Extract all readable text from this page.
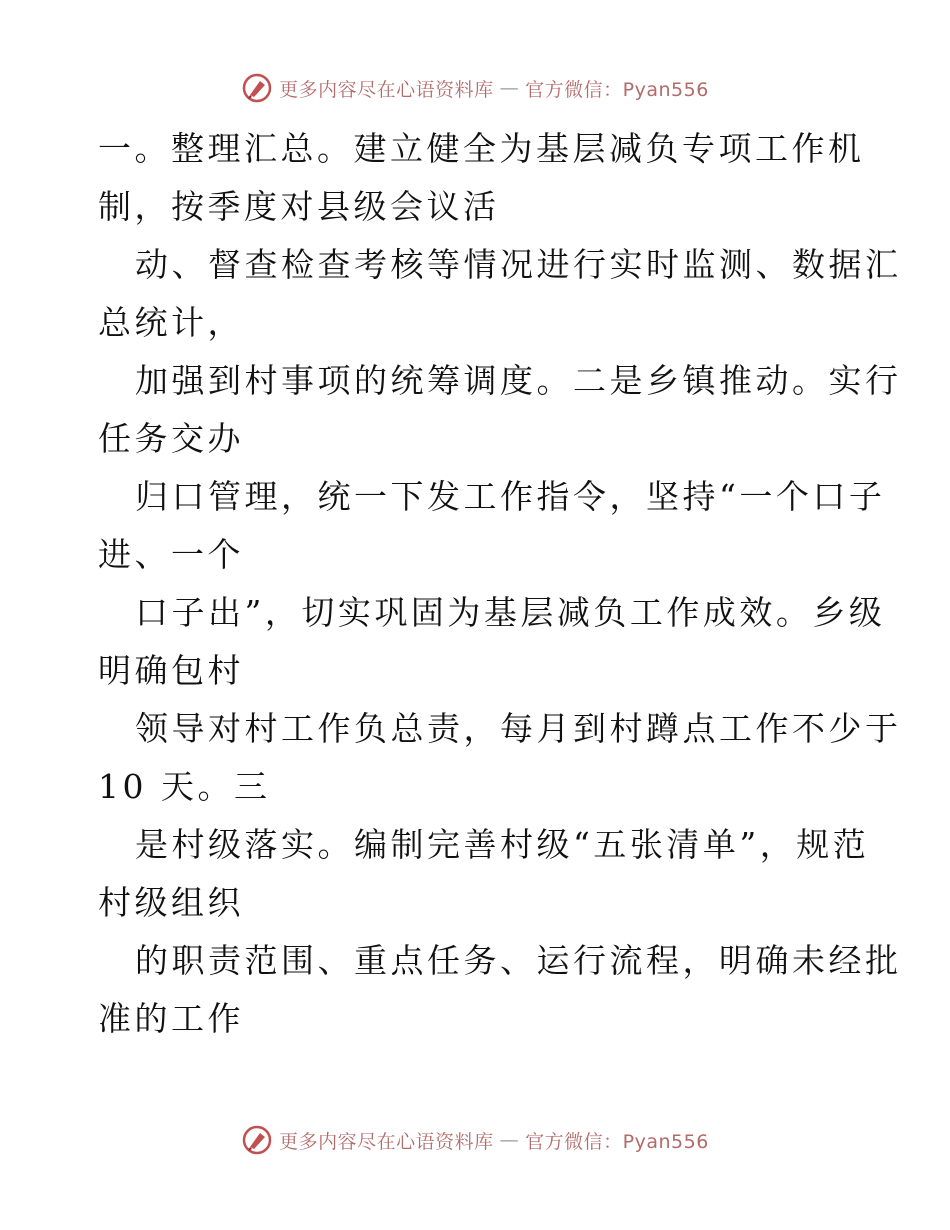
更多内容尽在心语资料库 — 官方微信：Pyan556
一。整理汇总。建立健全为基层减负专项工作机
制，按季度对县级会议活
动、督查检查考核等情况进行实时监测、数据汇
总统计，
加强到村事项的统筹调度。二是乡镇推动。实行
任务交办
归口管理，统一下发工作指令，坚持“一个口子
进、一个
口子出”，切实巩固为基层减负工作成效。乡级
明确包村
领导对村工作负总责，每月到村蹲点工作不少于
10 天。三
是村级落实。编制完善村级“五张清单”，规范
村级组织
的职责范围、重点任务、运行流程，明确未经批
准的工作
更多内容尽在心语资料库 — 官方微信：Pyan556
